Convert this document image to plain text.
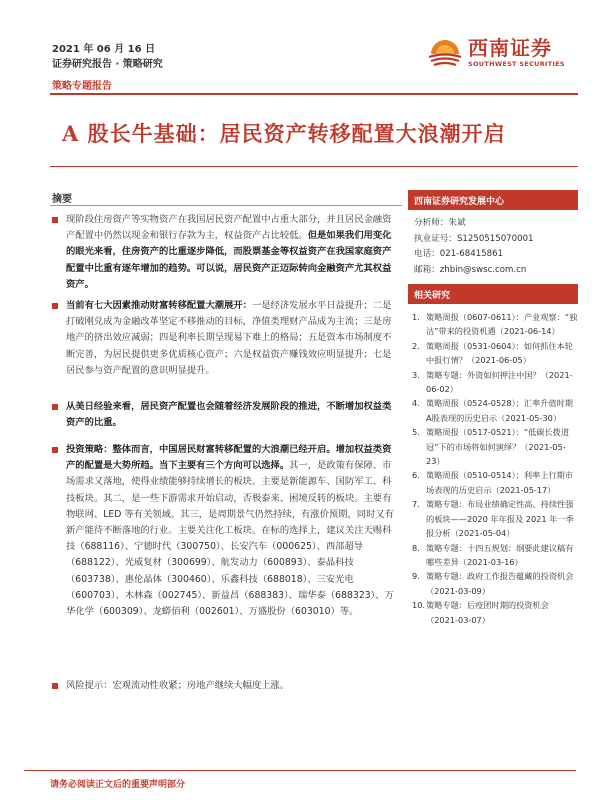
2021 年 06 月 16 日
证券研究报告 · 策略研究
策略专题报告
西南证券
SOUTHWEST SECURITIES
A 股长牛基础：居民资产转移配置大浪潮开启
摘要
现阶段住房资产等实物资产在我国居民资产配置中占重大部分，并且居民金融资产配置中仍然以现金和银行存款为主，权益资产占比较低。但是如果我们用变化的眼光来看，住房资产的比重逐步降低，而股票基金等权益资产在我国家庭资产配置中比重有逐年增加的趋势。可以说，居民资产正迈际转向金融资产尤其权益资产。
当前有七大因素推动财富转移配置大潮展开：一是经济发展水平日益提升；二是打破刚兑成为金融改革坚定不移推动的目标，净值类理财产品成为主流；三是房地产的挤出效应减弱；四是利率长期呈现易下难上的格局；五是资本市场制度不断完善，为居民提供更多优质核心资产；六是权益资产赚钱效应明显提升；七是居民参与资产配置的意识明显提升。
从美日经验来看，居民资产配置也会随着经济发展阶段的推进，不断增加权益类资产的比重。
投资策略：整体而言，中国居民财富转移配置的大浪潮已经开启。增加权益类资产的配置是大势所趋。当下主要有三个方向可以选择。其一，是政策有保障、市场需求又落地，使得业绩能够持续增长的板块。主要是新能源车、国防军工、科技板块。其二，是一些下游需求开始启动，否极泰来、困境反转的板块。主要有物联网、LED 等有关领域。其三，是周期景气仍然持续，有涨价预期，同时又有新产能待不断落地的行业。主要关注化工板块。在标的选择上，建议关注天赐科技（688116）、宁德时代（300750）、长安汽车（000625）、西部超导（688122）、光威复材（300699）、航发动力（600893）、泰晶科技（603738）、惠伦晶体（300460）、乐鑫科技（688018）、三安光电（600703）、木林森（002745）、新益昌（688383）、瑞华泰（688323）、万华化学（600309）、龙蟒佰利（002601）、万盛股份（603010）等。
风险提示：宏观流动性收紧；房地产继续大幅度上涨。
西南证券研究发展中心
分析师：朱斌
执业证号：S1250515070001
电话：021-68415861
邮箱：zhbin@swsc.com.cn
相关研究
1. 策略周报（0607-0611）：产业观察：“独沽”带来的投资机遇（2021-06-14）
2. 策略周报（0531-0604）：如何抓住本轮中报行情？（2021-06-05）
3. 策略专题：外资如何押注中国？（2021-06-02）
4. 策略周报（0524-0528）：汇率升值时期A股表现的历史启示（2021-05-30）
5. 策略周报（0517-0521）：“低碳长拨道冠”下的市场将如何演绎？（2021-05-23）
6. 策略周报（0510-0514）：利率上行期市场表现的历史启示（2021-05-17）
7. 策略专题：布局业绩确定性高、持续性强的板块——2020 年年报及 2021 年一季报分析（2021-05-04）
8. 策略专题：十四五规划：纲要此建议稿有哪些差异（2021-03-16）
9. 策略专题：政府工作报告蕴藏的投资机会（2021-03-09）
10. 策略专题：后疫团时期的投资机会（2021-03-07）
请务必阅读正文后的重要声明部分
